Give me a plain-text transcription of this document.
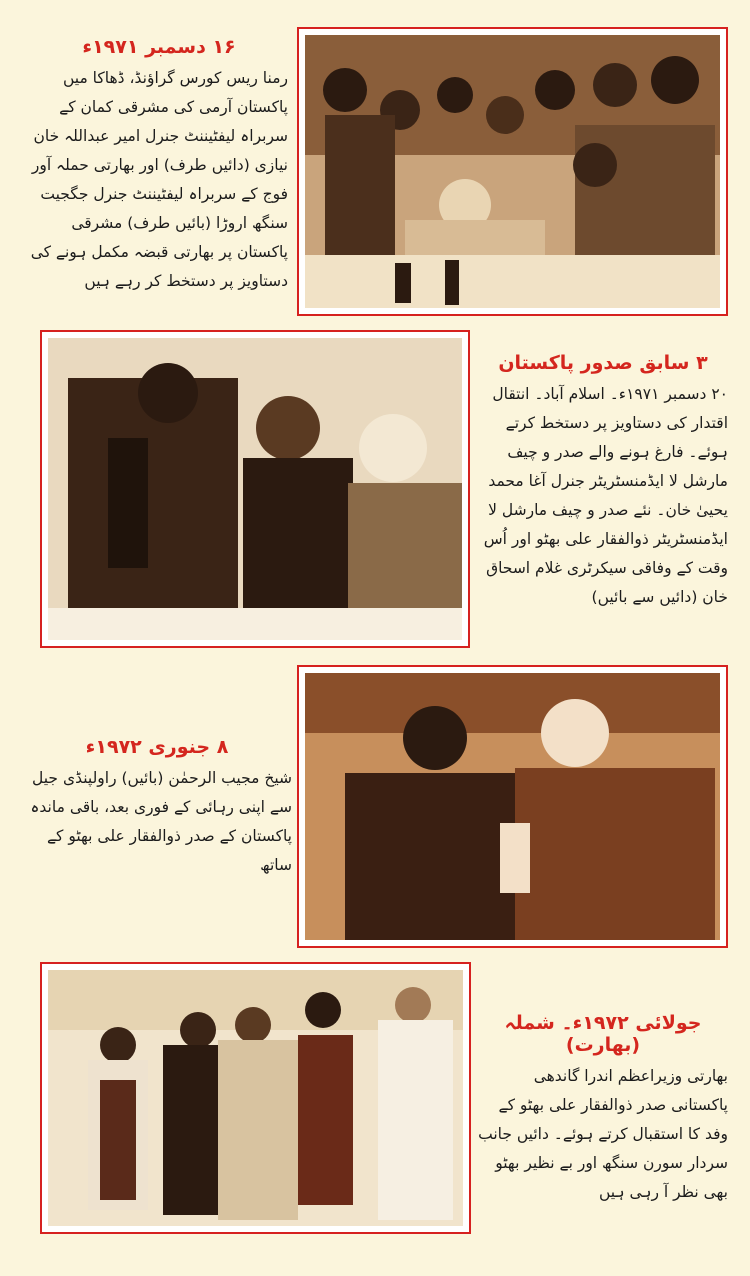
۱۶ دسمبر ۱۹۷۱ء

رمنا ریس کورس گراؤنڈ، ڈھاکا میں پاکستان آرمی کی مشرقی کمان کے سربراہ لیفٹیننٹ جنرل امیر عبداللہ خان نیازی (دائیں طرف) اور بھارتی حملہ آور فوج کے سربراہ لیفٹیننٹ جنرل جگجیت سنگھ اروڑا (بائیں طرف) مشرقی پاکستان پر بھارتی قبضہ مکمل ہونے کی دستاویز پر دستخط کر رہے ہیں

۳ سابق صدور پاکستان

۲۰ دسمبر ۱۹۷۱ء۔ اسلام آباد۔ انتقال اقتدار کی دستاویز پر دستخط کرتے ہوئے۔ فارغ ہونے والے صدر و چیف مارشل لا ایڈمنسٹریٹر جنرل آغا محمد یحییٰ خان۔ نئے صدر و چیف مارشل لا ایڈمنسٹریٹر ذوالفقار علی بھٹو اور اُس وقت کے وفاقی سیکرٹری غلام اسحاق خان (دائیں سے بائیں)

۸ جنوری ۱۹۷۲ء

شیخ مجیب الرحمٰن (بائیں) راولپنڈی جیل سے اپنی رہائی کے فوری بعد، باقی ماندہ پاکستان کے صدر ذوالفقار علی بھٹو کے ساتھ

جولائی ۱۹۷۲ء۔ شملہ (بھارت)

بھارتی وزیراعظم اندرا گاندھی پاکستانی صدر ذوالفقار علی بھٹو کے وفد کا استقبال کرتے ہوئے۔ دائیں جانب سردار سورن سنگھ اور بے نظیر بھٹو بھی نظر آ رہی ہیں
